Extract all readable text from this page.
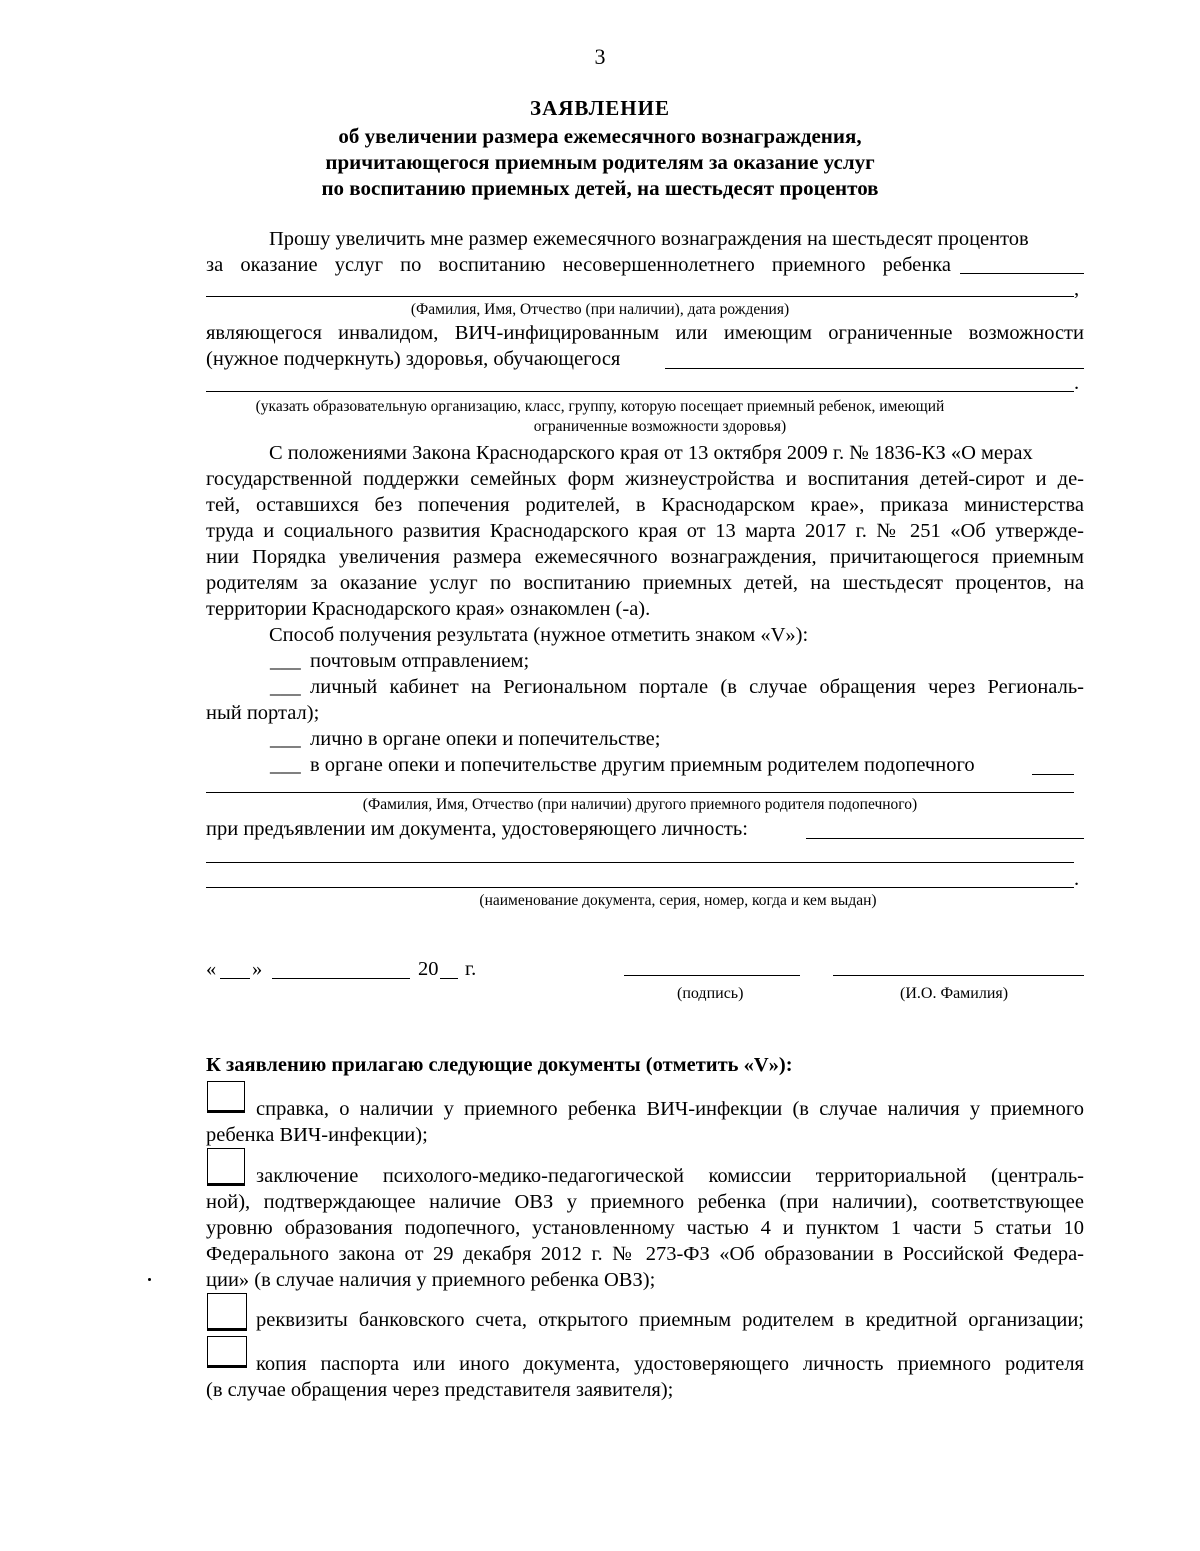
3
ЗАЯВЛЕНИЕ
об увеличении размера ежемесячного вознаграждения,
причитающегося приемным родителям за оказание услуг
по воспитанию приемных детей, на шестьдесят процентов
Прошу увеличить мне размер ежемесячного вознаграждения на шестьдесят процентов
за оказание услуг по воспитанию несовершеннолетнего приемного ребенка
,
(Фамилия, Имя, Отчество (при наличии), дата рождения)
являющегося инвалидом, ВИЧ-инфицированным или имеющим ограниченные возможности
(нужное подчеркнуть) здоровья, обучающегося
.
(указать образовательную организацию, класс, группу, которую посещает приемный ребенок, имеющий
ограниченные возможности здоровья)
С положениями Закона Краснодарского края от 13 октября 2009 г. № 1836-КЗ «О мерах
государственной поддержки семейных форм жизнеустройства и воспитания детей-сирот и де-
тей, оставшихся без попечения родителей, в Краснодарском крае», приказа министерства
труда и социального развития Краснодарского края от 13 марта 2017 г. № 251 «Об утвержде-
нии Порядка увеличения размера ежемесячного вознаграждения, причитающегося приемным
родителям за оказание услуг по воспитанию приемных детей, на шестьдесят процентов, на
территории Краснодарского края» ознакомлен (-а).
Способ получения результата (нужное отметить знаком «V»):
___ почтовым отправлением;
___ личный кабинет на Региональном портале (в случае обращения через Региональ-
ный портал);
___ лично в органе опеки и попечительстве;
___ в органе опеки и попечительстве другим приемным родителем подопечного
(Фамилия, Имя, Отчество (при наличии) другого приемного родителя подопечного)
при предъявлении им документа, удостоверяющего личность:
.
(наименование документа, серия, номер, когда и кем выдан)
« »	20 г.
(подпись)	(И.О. Фамилия)
К заявлению прилагаю следующие документы (отметить «V»):
справка, о наличии у приемного ребенка ВИЧ-инфекции (в случае наличия у приемного
ребенка ВИЧ-инфекции);
заключение психолого-медико-педагогической комиссии территориальной (централь-
ной), подтверждающее наличие ОВЗ у приемного ребенка (при наличии), соответствующее
уровню образования подопечного, установленному частью 4 и пунктом 1 части 5 статьи 10
Федерального закона от 29 декабря 2012 г. № 273-ФЗ «Об образовании в Российской Федера-
ции» (в случае наличия у приемного ребенка ОВЗ);
реквизиты банковского счета, открытого приемным родителем в кредитной организации;
копия паспорта или иного документа, удостоверяющего личность приемного родителя
(в случае обращения через представителя заявителя);
